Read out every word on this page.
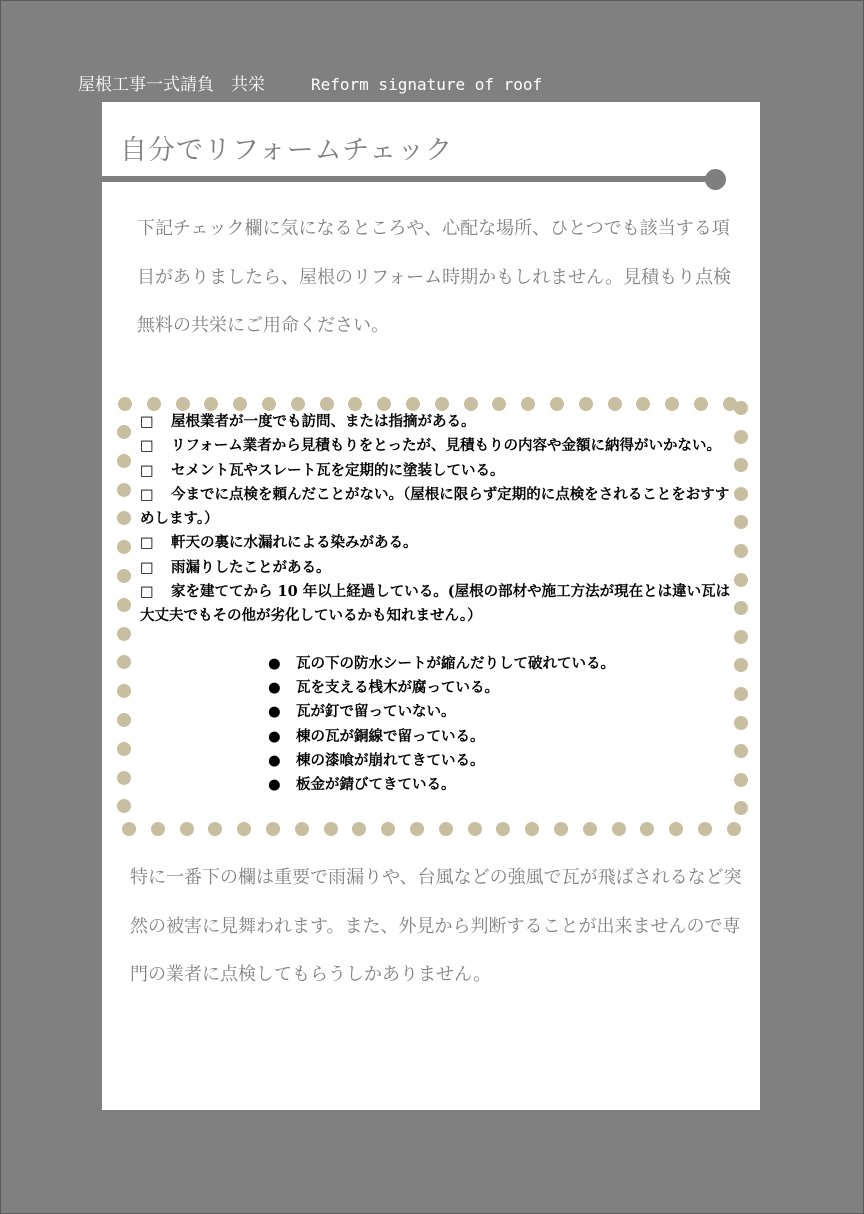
屋根工事一式請負　共栄	Reform signature of roof
自分でリフォームチェック
下記チェック欄に気になるところや、心配な場所、ひとつでも該当する項目がありましたら、屋根のリフォーム時期かもしれません。見積もり点検無料の共栄にご用命ください。
□ 屋根業者が一度でも訪問、または指摘がある。
□ リフォーム業者から見積もりをとったが、見積もりの内容や金額に納得がいかない。
□ セメント瓦やスレート瓦を定期的に塗装している。
□ 今までに点検を頼んだことがない。（屋根に限らず定期的に点検をされることをおすすめします。）
□ 軒天の裏に水漏れによる染みがある。
□ 雨漏りしたことがある。
□ 家を建ててから 10 年以上経過している。(屋根の部材や施工方法が現在とは違い瓦は大丈夫でもその他が劣化しているかも知れません。）
● 瓦の下の防水シートが縮んだりして破れている。
● 瓦を支える桟木が腐っている。
● 瓦が釘で留っていない。
● 棟の瓦が銅線で留っている。
● 棟の漆喰が崩れてきている。
● 板金が錆びてきている。
特に一番下の欄は重要で雨漏りや、台風などの強風で瓦が飛ばされるなど突然の被害に見舞われます。また、外見から判断することが出来ませんので専門の業者に点検してもらうしかありません。
